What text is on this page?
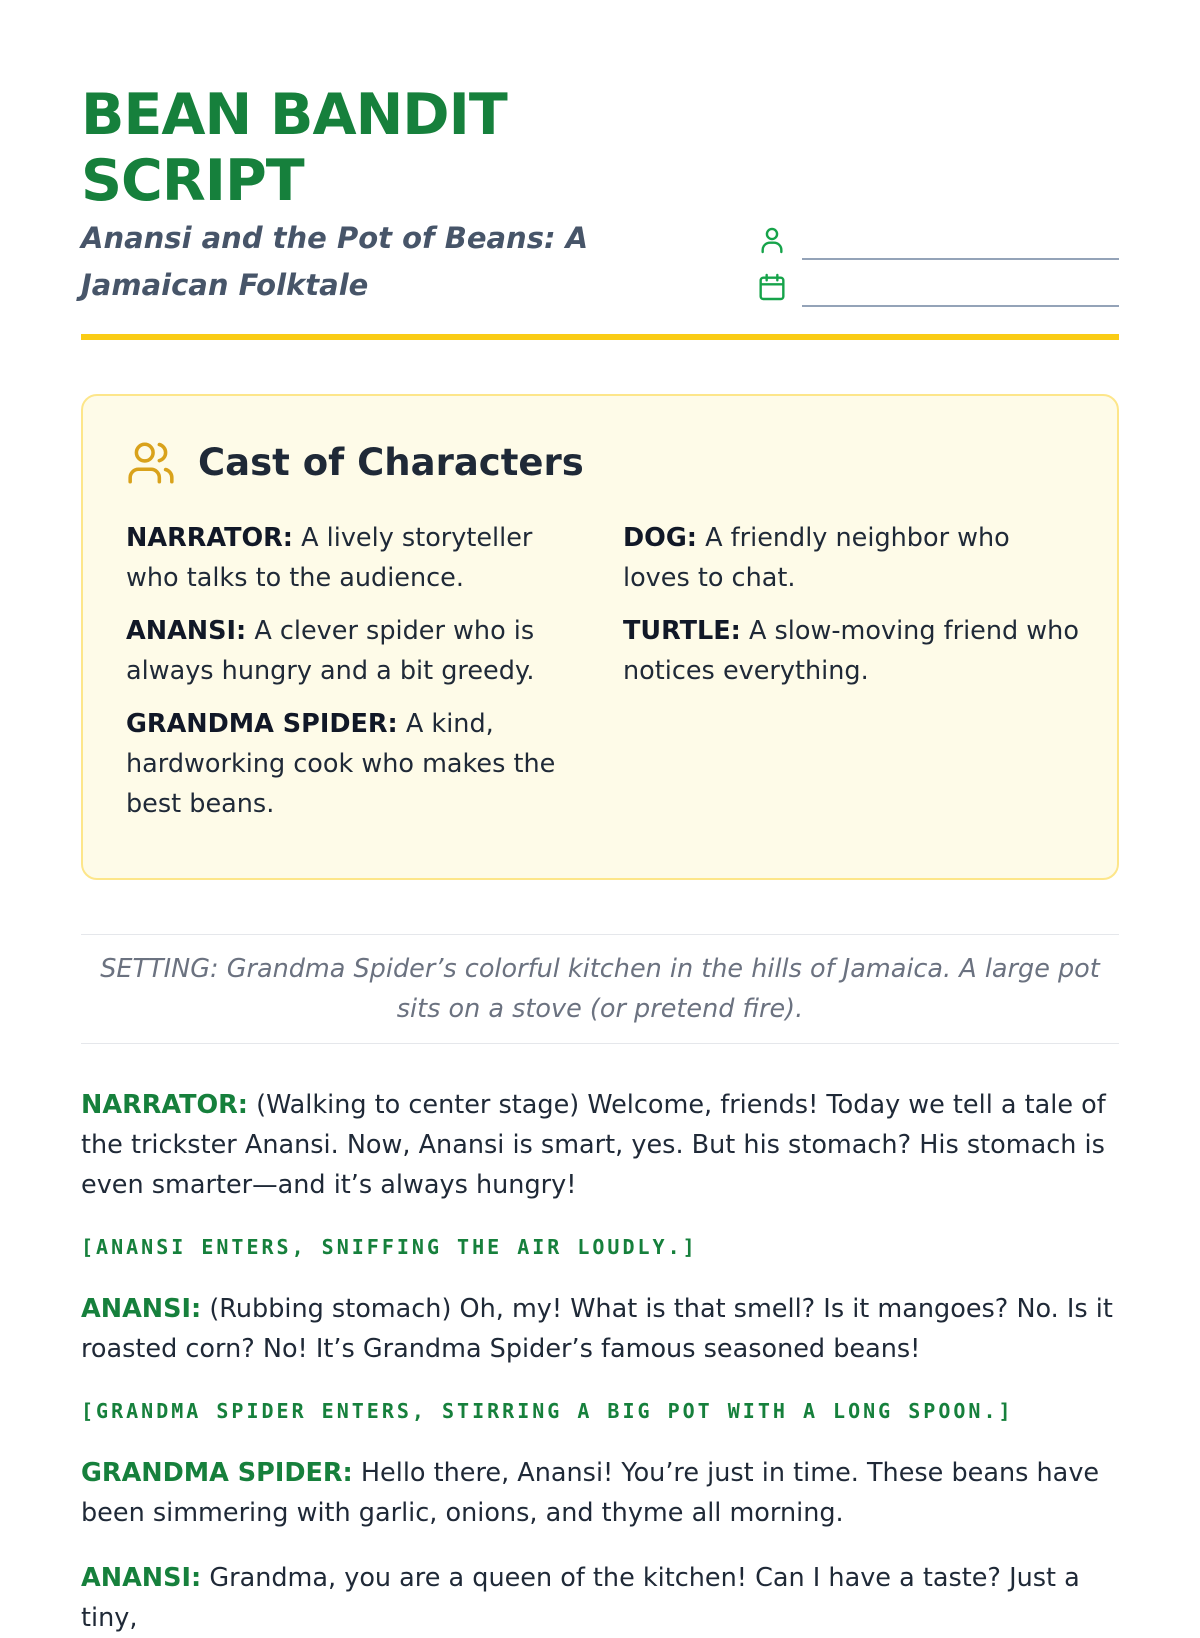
BEAN BANDIT SCRIPT

Anansi and the Pot of Beans: A Jamaican Folktale

Cast of Characters

NARRATOR: A lively storyteller who talks to the audience.

ANANSI: A clever spider who is always hungry and a bit greedy.

GRANDMA SPIDER: A kind, hardworking cook who makes the best beans.

DOG: A friendly neighbor who loves to chat.

TURTLE: A slow-moving friend who notices everything.

SETTING: Grandma Spider’s colorful kitchen in the hills of Jamaica. A large pot sits on a stove (or pretend fire).

NARRATOR: (Walking to center stage) Welcome, friends! Today we tell a tale of the trickster Anansi. Now, Anansi is smart, yes. But his stomach? His stomach is even smarter—and it’s always hungry!

[ANANSI ENTERS, SNIFFING THE AIR LOUDLY.]

ANANSI: (Rubbing stomach) Oh, my! What is that smell? Is it mangoes? No. Is it roasted corn? No! It’s Grandma Spider’s famous seasoned beans!

[GRANDMA SPIDER ENTERS, STIRRING A BIG POT WITH A LONG SPOON.]

GRANDMA SPIDER: Hello there, Anansi! You’re just in time. These beans have been simmering with garlic, onions, and thyme all morning.

ANANSI: Grandma, you are a queen of the kitchen! Can I have a taste? Just a tiny,
